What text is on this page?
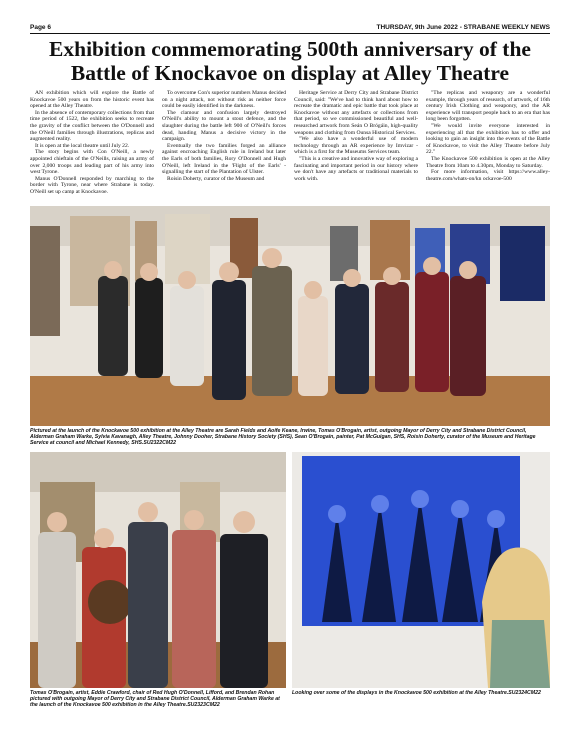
Page 6	THURSDAY, 9th June 2022 - STRABANE WEEKLY NEWS
Exhibition commemorating 500th anniversary of the Battle of Knockavoe on display at Alley Theatre

AN exhibition which will explore the Battle of Knockavoe 500 years on from the historic event has opened at the Alley Theatre.

In the absence of contemporary collections from that time period of 1522, the exhibition seeks to recreate the gravity of the conflict between the O'Donnell and the O'Neill families through illustrations, replicas and augmented reality.

It is open at the local theatre until July 22.

The story begins with Con O'Neill, a newly appointed chieftain of the O'Neills, raising an army of over 2,000 troops and leading part of his army into west Tyrone.

Manus O'Donnell responded by marching to the border with Tyrone, near where Strabane is today. O'Neill set up camp at Knockavoe.

To overcome Con's superior numbers Manus decided on a night attack, not without risk as neither force could be easily identified in the darkness.

The clamour and confusion largely destroyed O'Neill's ability to mount a stout defence, and the slaughter during the battle left 900 of O'Neill's forces dead, handing Manus a decisive victory in the campaign.

Eventually the two families forged an alliance against encroaching English rule in Ireland but later the Earls of both families, Rory O'Donnell and Hugh O'Neill, left Ireland in the 'Flight of the Earls' - signalling the start of the Plantation of Ulster.

Roisin Doherty, curator of the Museum and

Heritage Service at Derry City and Strabane District Council, said: "We've had to think hard about how to recreate the dramatic and epic battle that took place at Knockavoe without any artefacts or collections from that period, so we commissioned beautiful and well-researched artwork from Seán O Brógáin, high-quality weapons and clothing from Ounsa Historical Services.

"We also have a wonderful use of modern technology through an AR experience by Imvizar - which is a first for the Museums Services team.

"This is a creative and innovative way of exploring a fascinating and important period in our history where we don't have any artefacts or traditional materials to work with.

"The replicas and weaponry are a wonderful example, through years of research, of artwork, of 16th century Irish Clothing and weaponry, and the AR experience will transport people back to an era that has long been forgotten.

"We would invite everyone interested in experiencing all that the exhibition has to offer and looking to gain an insight into the events of the Battle of Knockavoe, to visit the Alley Theatre before July 22."

The Knockavoe 500 exhibition is open at the Alley Theatre from 10am to 4.30pm, Monday to Saturday.

For more information, visit https://www.alley-theatre.com/whats-on/kn ockavoe-500

Pictured at the launch of the Knockavoe 500 exhibition at the Alley Theatre are Sarah Fields and Aoife Keane, Irwine, Tomas O'Brogain, artist, outgoing Mayor of Derry City and Strabane District Council, Alderman Graham Warke, Sylvia Kavanagh, Alley Theatre, Johnny Dooher, Strabane History Society (SHS), Sean O'Brogain, painter, Pat McGuigan, SHS, Roisin Doherty, curator of the Museum and Heritage Service at council and Michael Kennedy, SHS.SU2322CM22
Tomas O'Brogain, artist, Eddie Crawford, chair of Red Hugh O'Donnell, Lifford, and Brendan Rohan pictured with outgoing Mayor of Derry City and Strabane District Council, Alderman Graham Warke at the launch of the Knockavoe 500 exhibition in the Alley Theatre.SU2323CM22
Looking over some of the displays in the Knockavoe 500 exhibition at the Alley Theatre.SU2324CM22
